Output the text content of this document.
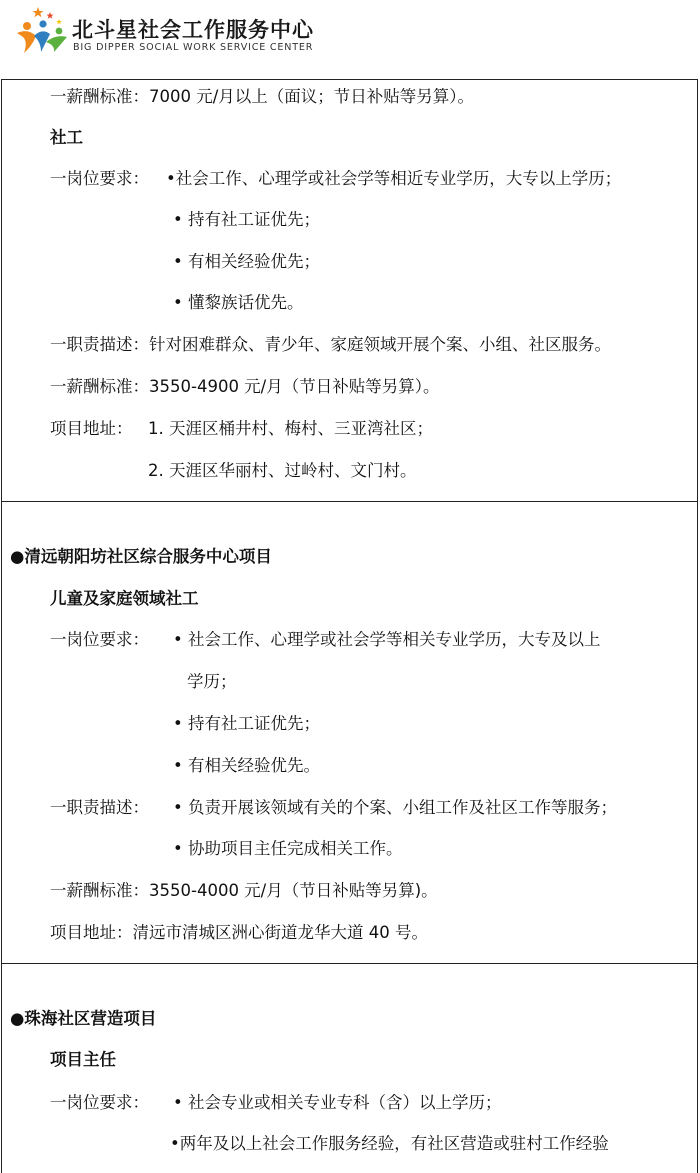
北斗星社会工作服务中心
BIG DIPPER SOCIAL WORK SERVICE CENTER
一薪酬标准：7000 元/月以上（面议；节日补贴等另算）。
社工
一岗位要求： •社会工作、心理学或社会学等相近专业学历，大专以上学历；
• 持有社工证优先；
• 有相关经验优先；
• 懂黎族话优先。
一职责描述：针对困难群众、青少年、家庭领域开展个案、小组、社区服务。
一薪酬标准：3550-4900 元/月（节日补贴等另算）。
项目地址： 1. 天涯区桶井村、梅村、三亚湾社区；
2. 天涯区华丽村、过岭村、文门村。
●清远朝阳坊社区综合服务中心项目
儿童及家庭领域社工
一岗位要求： • 社会工作、心理学或社会学等相关专业学历，大专及以上
学历；
• 持有社工证优先；
• 有相关经验优先。
一职责描述： • 负责开展该领域有关的个案、小组工作及社区工作等服务；
• 协助项目主任完成相关工作。
一薪酬标准：3550-4000 元/月（节日补贴等另算)。
项目地址：清远市清城区洲心街道龙华大道 40 号。
●珠海社区营造项目
项目主任
一岗位要求： • 社会专业或相关专业专科（含）以上学历；
•两年及以上社会工作服务经验，有社区营造或驻村工作经验
